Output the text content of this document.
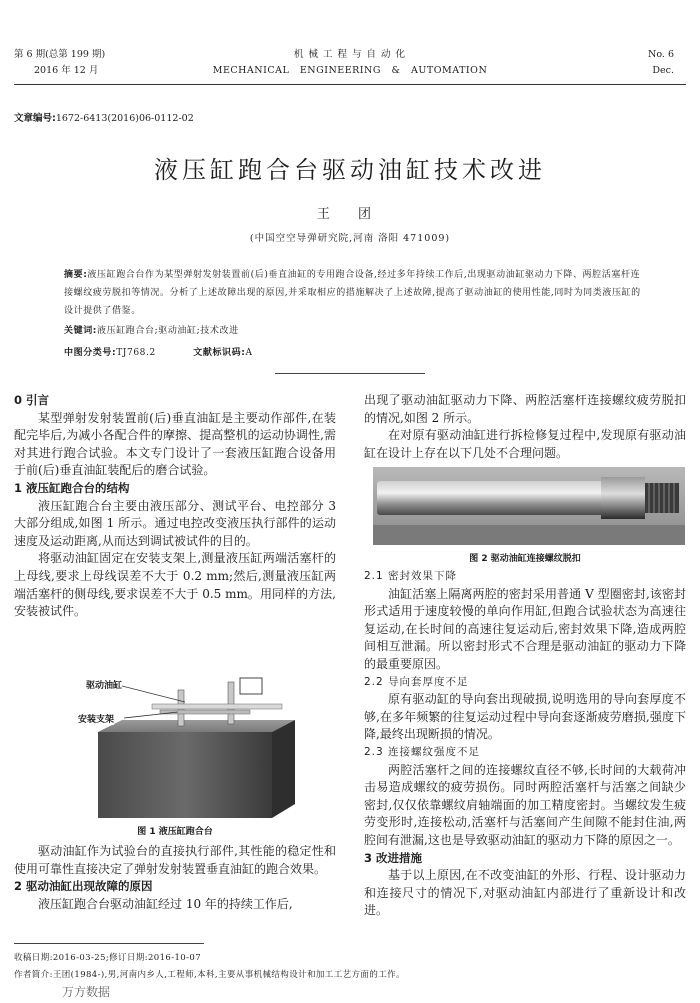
第 6 期(总第 199 期)
2016 年 12 月
机 械 工 程 与 自 动 化
MECHANICAL   ENGINEERING   &   AUTOMATION
No. 6
Dec.
文章编号:1672-6413(2016)06-0112-02
液压缸跑合台驱动油缸技术改进
王 团
(中国空空导弹研究院,河南 洛阳 471009)
摘要:液压缸跑合台作为某型弹射发射装置前(后)垂直油缸的专用跑合设备,经过多年持续工作后,出现驱动油缸驱动力下降、两腔活塞杆连接螺纹疲劳脱扣等情况。分析了上述故障出现的原因,并采取相应的措施解决了上述故障,提高了驱动油缸的使用性能,同时为同类液压缸的设计提供了借鉴。
关键词:液压缸跑合台;驱动油缸;技术改进
中图分类号:TJ768.2	文献标识码:A

0 引言

某型弹射发射装置前(后)垂直油缸是主要动作部件,在装配完毕后,为减小各配合件的摩擦、提高整机的运动协调性,需对其进行跑合试验。本文专门设计了一套液压缸跑合设备用于前(后)垂直油缸装配后的磨合试验。

1 液压缸跑合台的结构

液压缸跑合台主要由液压部分、测试平台、电控部分 3 大部分组成,如图 1 所示。通过电控改变液压执行部件的运动速度及运动距离,从而达到调试被试件的目的。

将驱动油缸固定在安装支架上,测量液压缸两端活塞杆的上母线,要求上母线误差不大于 0.2 mm;然后,测量液压缸两端活塞杆的侧母线,要求误差不大于 0.5 mm。用同样的方法,安装被试件。

驱动油缸
安装支架
图 1 液压缸跑合台

驱动油缸作为试验台的直接执行部件,其性能的稳定性和使用可靠性直接决定了弹射发射装置垂直油缸的跑合效果。

2 驱动油缸出现故障的原因

液压缸跑合台驱动油缸经过 10 年的持续工作后,

出现了驱动油缸驱动力下降、两腔活塞杆连接螺纹疲劳脱扣的情况,如图 2 所示。

在对原有驱动油缸进行拆检修复过程中,发现原有驱动油缸在设计上存在以下几处不合理问题。

图 2 驱动油缸连接螺纹脱扣

2.1 密封效果下降

油缸活塞上隔离两腔的密封采用普通 V 型圈密封,该密封形式适用于速度较慢的单向作用缸,但跑合试验状态为高速往复运动,在长时间的高速往复运动后,密封效果下降,造成两腔间相互泄漏。所以密封形式不合理是驱动油缸的驱动力下降的最重要原因。

2.2 导向套厚度不足

原有驱动缸的导向套出现破损,说明选用的导向套厚度不够,在多年频繁的往复运动过程中导向套逐渐疲劳磨损,强度下降,最终出现断损的情况。

2.3 连接螺纹强度不足

两腔活塞杆之间的连接螺纹直径不够,长时间的大载荷冲击易造成螺纹的疲劳损伤。同时两腔活塞杆与活塞之间缺少密封,仅仅依靠螺纹肩轴端面的加工精度密封。当螺纹发生疲劳变形时,连接松动,活塞杆与活塞间产生间隙不能封住油,两腔间有泄漏,这也是导致驱动油缸的驱动力下降的原因之一。

3 改进措施

基于以上原因,在不改变油缸的外形、行程、设计驱动力和连接尺寸的情况下,对驱动油缸内部进行了重新设计和改进。

收稿日期:2016-03-25;修订日期:2016-10-07
作者简介:王团(1984-),男,河南内乡人,工程师,本科,主要从事机械结构设计和加工工艺方面的工作。
万方数据
